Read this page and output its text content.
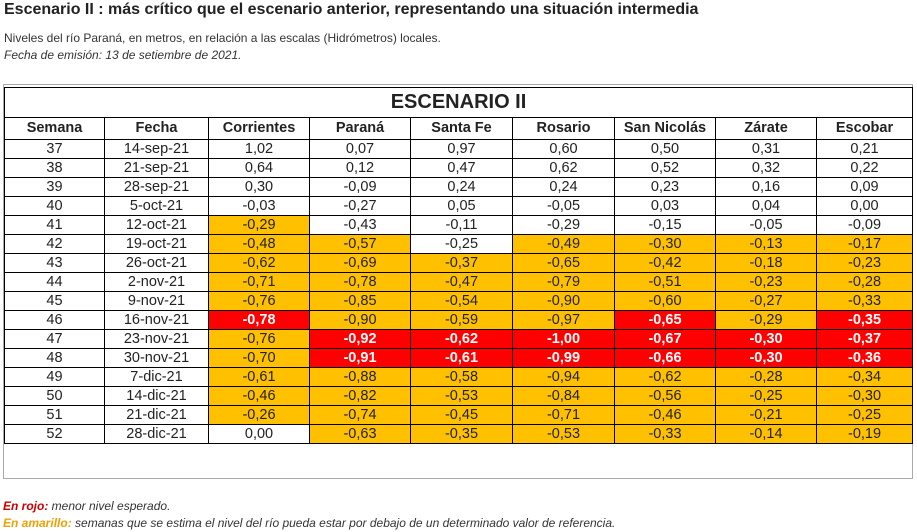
Escenario II : más crítico que el escenario anterior, representando una situación intermedia
Niveles del río Paraná, en metros, en relación a las escalas (Hidrómetros) locales.
Fecha de emisión: 13 de setiembre de 2021.
ESCENARIO II								
Semana	Fecha	Corrientes	Paraná	Santa Fe	Rosario	San Nicolás	Zárate	Escobar
37	14-sep-21	1,02	0,07	0,97	0,60	0,50	0,31	0,21
38	21-sep-21	0,64	0,12	0,47	0,62	0,52	0,32	0,22
39	28-sep-21	0,30	-0,09	0,24	0,24	0,23	0,16	0,09
40	5-oct-21	-0,03	-0,27	0,05	-0,05	0,03	0,04	0,00
41	12-oct-21	-0,29	-0,43	-0,11	-0,29	-0,15	-0,05	-0,09
42	19-oct-21	-0,48	-0,57	-0,25	-0,49	-0,30	-0,13	-0,17
43	26-oct-21	-0,62	-0,69	-0,37	-0,65	-0,42	-0,18	-0,23
44	2-nov-21	-0,71	-0,78	-0,47	-0,79	-0,51	-0,23	-0,28
45	9-nov-21	-0,76	-0,85	-0,54	-0,90	-0,60	-0,27	-0,33
46	16-nov-21	-0,78	-0,90	-0,59	-0,97	-0,65	-0,29	-0,35
47	23-nov-21	-0,76	-0,92	-0,62	-1,00	-0,67	-0,30	-0,37
48	30-nov-21	-0,70	-0,91	-0,61	-0,99	-0,66	-0,30	-0,36
49	7-dic-21	-0,61	-0,88	-0,58	-0,94	-0,62	-0,28	-0,34
50	14-dic-21	-0,46	-0,82	-0,53	-0,84	-0,56	-0,25	-0,30
51	21-dic-21	-0,26	-0,74	-0,45	-0,71	-0,46	-0,21	-0,25
52	28-dic-21	0,00	-0,63	-0,35	-0,53	-0,33	-0,14	-0,19
En rojo: menor nivel esperado.
En amarillo: semanas que se estima el nivel del río pueda estar por debajo de un determinado valor de referencia.
